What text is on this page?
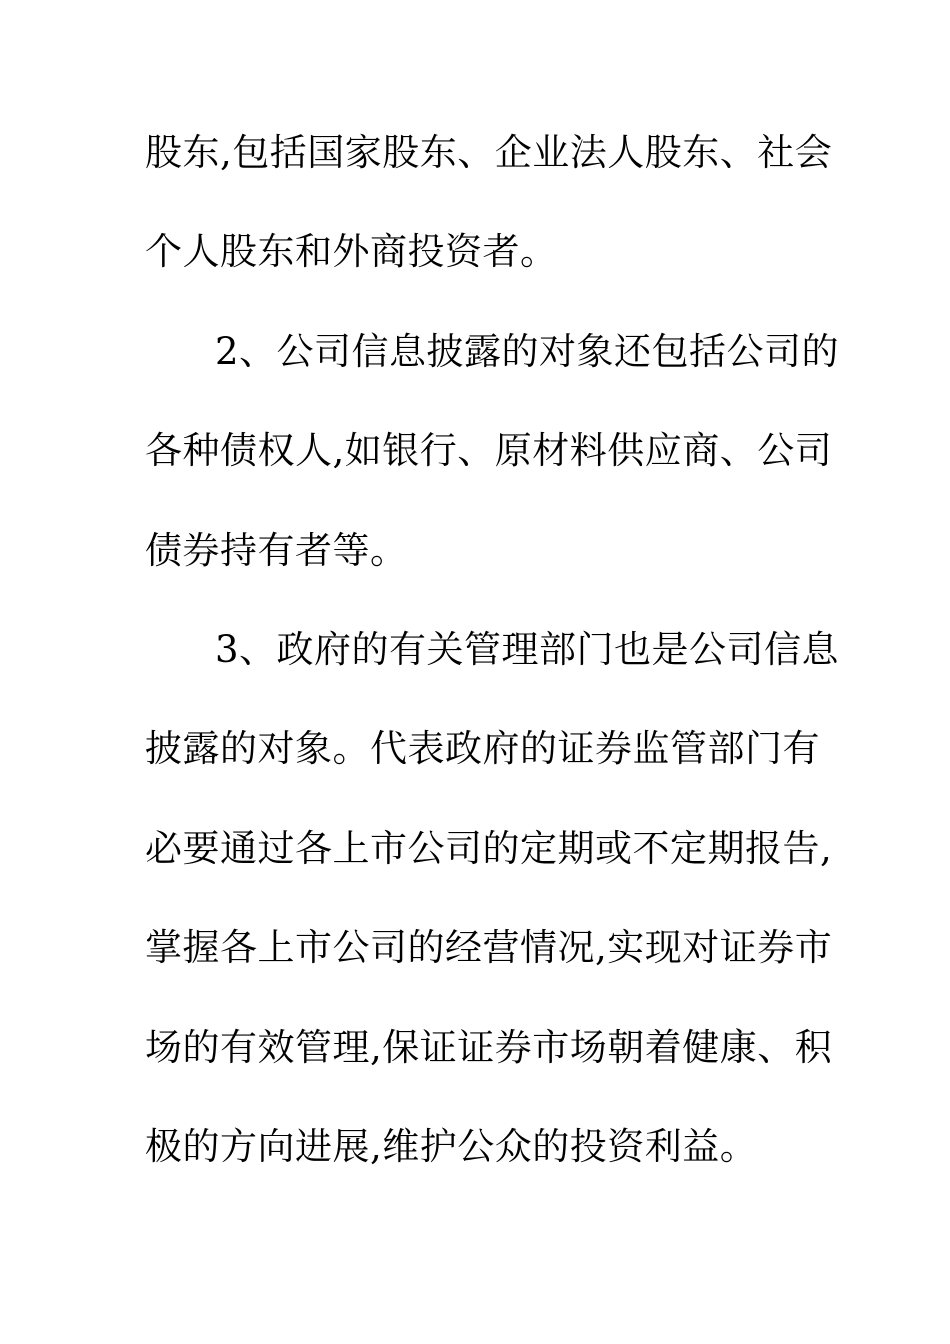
股东,包括国家股东、企业法人股东、社会
个人股东和外商投资者。
2、公司信息披露的对象还包括公司的
各种债权人,如银行、原材料供应商、公司
债券持有者等。
3、政府的有关管理部门也是公司信息
披露的对象。代表政府的证券监管部门有
必要通过各上市公司的定期或不定期报告,
掌握各上市公司的经营情况,实现对证券市
场的有效管理,保证证券市场朝着健康、积
极的方向进展,维护公众的投资利益。
